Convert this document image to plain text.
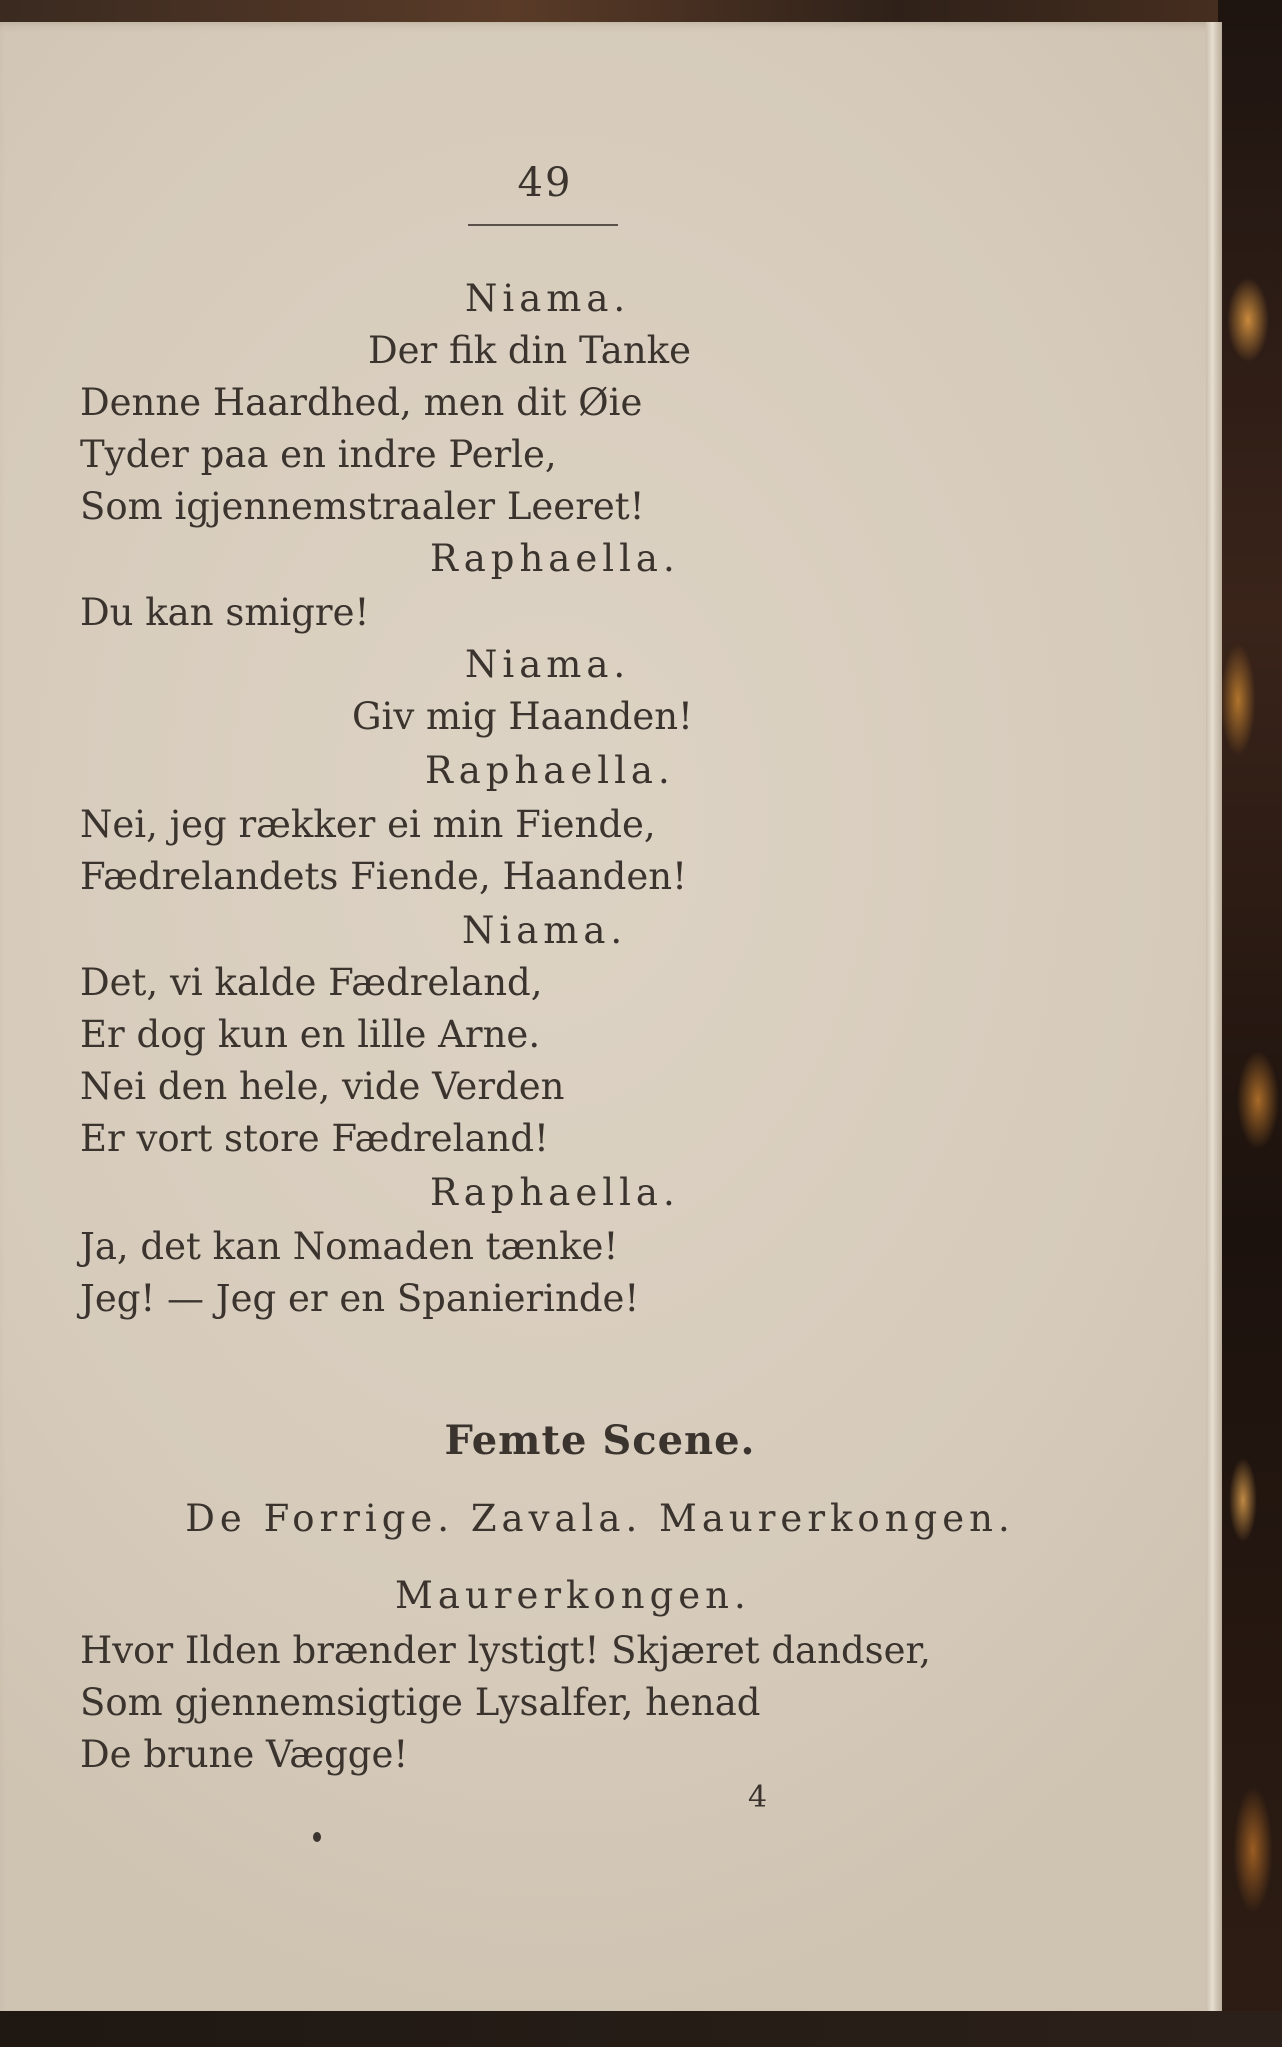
49
Niama.
Der fik din Tanke
Denne Haardhed, men dit Øie
Tyder paa en indre Perle,
Som igjennemstraaler Leeret!
Raphaella.
Du kan smigre!
Niama.
Giv mig Haanden!
Raphaella.
Nei, jeg rækker ei min Fiende,
Fædrelandets Fiende, Haanden!
Niama.
Det, vi kalde Fædreland,
Er dog kun en lille Arne.
Nei den hele, vide Verden
Er vort store Fædreland!
Raphaella.
Ja, det kan Nomaden tænke!
Jeg! — Jeg er en Spanierinde!
Femte Scene.
De Forrige. Zavala. Maurerkongen.
Maurerkongen.
Hvor Ilden brænder lystigt! Skjæret dandser,
Som gjennemsigtige Lysalfer, henad
De brune Vægge!
4
